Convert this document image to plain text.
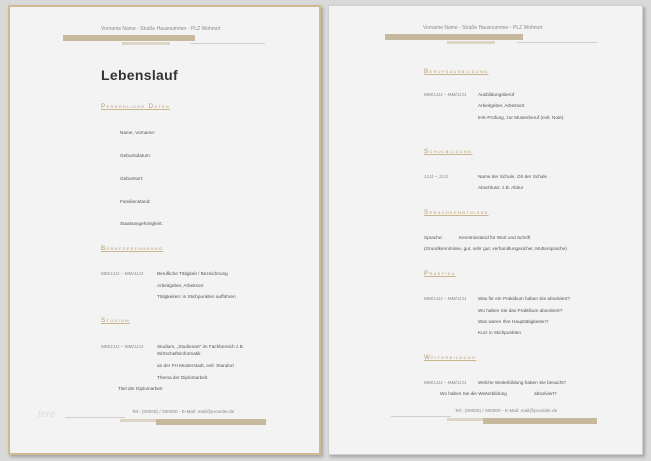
Vorname Name - Straße Hausnummer - PLZ Wohnort
Lebenslauf
Persönliche Daten
Name, Vorname:
Geburtsdatum:
Geburtsort:
Familienstand:
Staatsangehörigkeit:
Berufserfahrung
MM/JJJJ – MM/JJJJ	Berufliche Tätigkeit / Bezeichnung
Arbeitgeber, Arbeitsort
Tätigkeiten: in Stichpunkten aufführen
Studium
MM/JJJJ – MM/JJJJ	Studium, „Studienart“ im Fachbereich z.B.
Wirtschaftsinformatik
an der FH Musterstadt, evtl. Standort
Thema der Diplomarbeit
Titel der Diplomarbeit
tere	Tel.: (00000) / 000000 - E-Mail: mail@provider.de
Vorname Name - Straße Hausnummer - PLZ Wohnort
Berufsausbildung
MM/JJJJ – MM/JJJJ	Ausbildungsberuf
Arbeitgeber, Arbeitsort
IHK-Prüfung, zur Musterberuf (evtl. Note)
Schulbildung
JJJJ – JJJJ	Name der Schule, Ort der Schule
Abschluss: z.B. Abitur
Sprachkenntnisse
Sprache:	Kenntnisstand für Wort und Schrift
(Grundkenntnisse, gut, sehr gut, verhandlungssicher, Muttersprache)
Praktika
MM/JJJJ – MM/JJJJ	Was für ein Praktikum haben Sie absolviert?
Wo haben Sie das Praktikum absolviert?
Was waren Ihre Haupttätigkeiten?
Kurz in Stichpunkten
Weiterbildung
MM/JJJJ – MM/JJJJ	Welche Weiterbildung haben Sie besucht?
Wo haben Sie die Weiterbildung	absolviert?
Tel.: (00000) / 000000 - E-Mail: mail@provider.de
